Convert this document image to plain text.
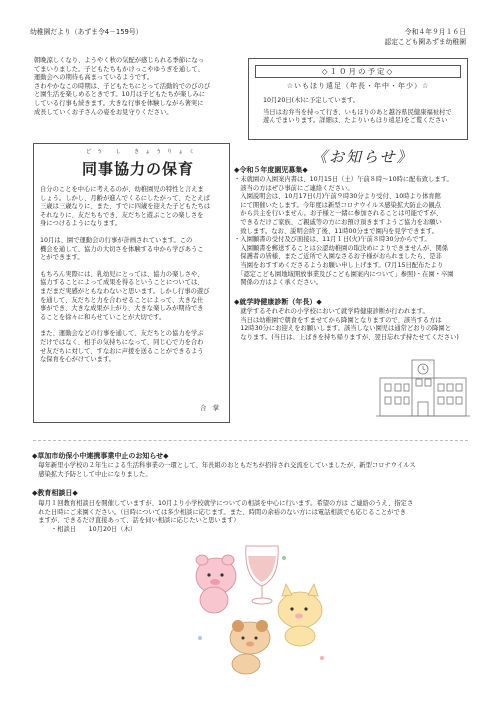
幼稚園だより（あずま令4－159号）	令和４年９月１６日
認定こども園あずま幼稚園

朝晩涼しくなり、ようやく秋の気配が感じられる季節になっ

てまいりました。子どもたちもかけっこやゆうぎを通して、

運動会への期待も高まっているようです。

さわやかなこの時期は、子どもたちにとって活動的でのびのび

と園生活を楽しめるときです。10月は子どもたちが楽しみに

している行事も続きます。大きな行事を体験しながら著実に

成長していくお子さんの姿をお見守りください。

◇１０月の予定◇
☆いもほり遠足（年長・年中・年少）☆

10月20日(木)に予定しています。

当日はお弁当を持って行き、いもほりのあと越谷県民健康福祉村で

遊んでまいります。詳細は、たよりいもほり遠足)をご覧ください

どう し きょうりょく
同事協力の保育

自分のことを中心に考えるのが、幼稚園児の特性と言えま

しょう。しかし、月齢が進んでくるにしたがって、たとえば

三歳は三歳なりに、また、すでに四歳を迎えた子どもたちは

それなりに、友だちもでき、友だちと遊ぶことの楽しさを

身につけるようになります。

10月は、園で運動会の行事が計画されています。この

機会を通して、協力の大切さを体験する中から学びあうこ

とができます。

もちろん実際には、乳幼児にとっては、協力の楽しさや、

協力することによって成果を得るということについては、

まだまだ実感がともなわないと思います。しかし行事の遊び

を通して、友だちと力を合わせることによって、大きな仕

事ができ、大きな成果が上がり、大きな楽しみが期待でき

ることを徐々に和らせていことが大切です。

また、運動会などの行事を通して、友だちとの協力を学ぶ

だけではなく、相手の気持ちになって、同じ心で力を合わ

せ友だちに対して、すなおに声援を送ることができるよう

な保育を心がけています。

合　掌
《お知らせ》
◆令和５年度園児募集◆

・未就園の入園案内書は、10月15日（土）午前８時～10時に配布致します。

　該当の方はぜひ事前にご連絡ください。

　入園説明会は、10月17日(月)午前９時30分より受付、10時より体育館

　にて開催いたします。今年度は新型コロナウイルス感染拡大防止の観点

　から共主を行いません。お子様と一緒に参加されることは可能ですが、

　できるだけご家族、ご親戚等の方にお預け頂きますようご協力をお願い

　致します。なお、説明会終了後、11時00分まで園内を見学できます。

・入園願書の受付及び面接は、11月１日(火)午前８時30分からです。

　入園願書を郵送することは公認幼稚園の取決めによりできませんが、関係

　保護者の皆様、またご近所で入園なさるお子様がおられましたら、是非

　当園をおすすめくださるようお願い申し上げます。(7月15日配布たより

　「認定こども園地域開放事業及びこども園案内について」参照)・在園・卒園

　関係の方はよく承ください。

◆就学時健康診断（年長）◆

　就学するそれぞれの小学校において就学時健康診断が行われます。

　当日は幼稚園で朝食をすませてから降園となりますので、該当する方は

　12時30分にお迎えをお願いします。該当しない園児は通常どおりの降園と

　なります。(当日は、上ばきを持ち帰りますが、翌日忘れず持たせてください)

◆草加市幼保小中連携事業中止のお知らせ◆

　毎年新里小学校の２年生による生活科事業の一環として、年長組のおともだちが招待され交流をしていましたが、新型コロナウイルス

　感染拡大予防として中止になりました。

◆教育相談日◆

　毎月１回教育相談日を開催していますが、10月より小学校就学についての相談を中心に行います。希望の方は ご連絡のうえ、指定さ

　れた日時にご来園ください。（日時については多少相談に応じます。また、時間の余裕のない方には電話相談でも応じることができ

　ますが、できるだけ直接あって、話を伺い相談に応じたいと思います）

　　　・相談日　　10月20日（木）
